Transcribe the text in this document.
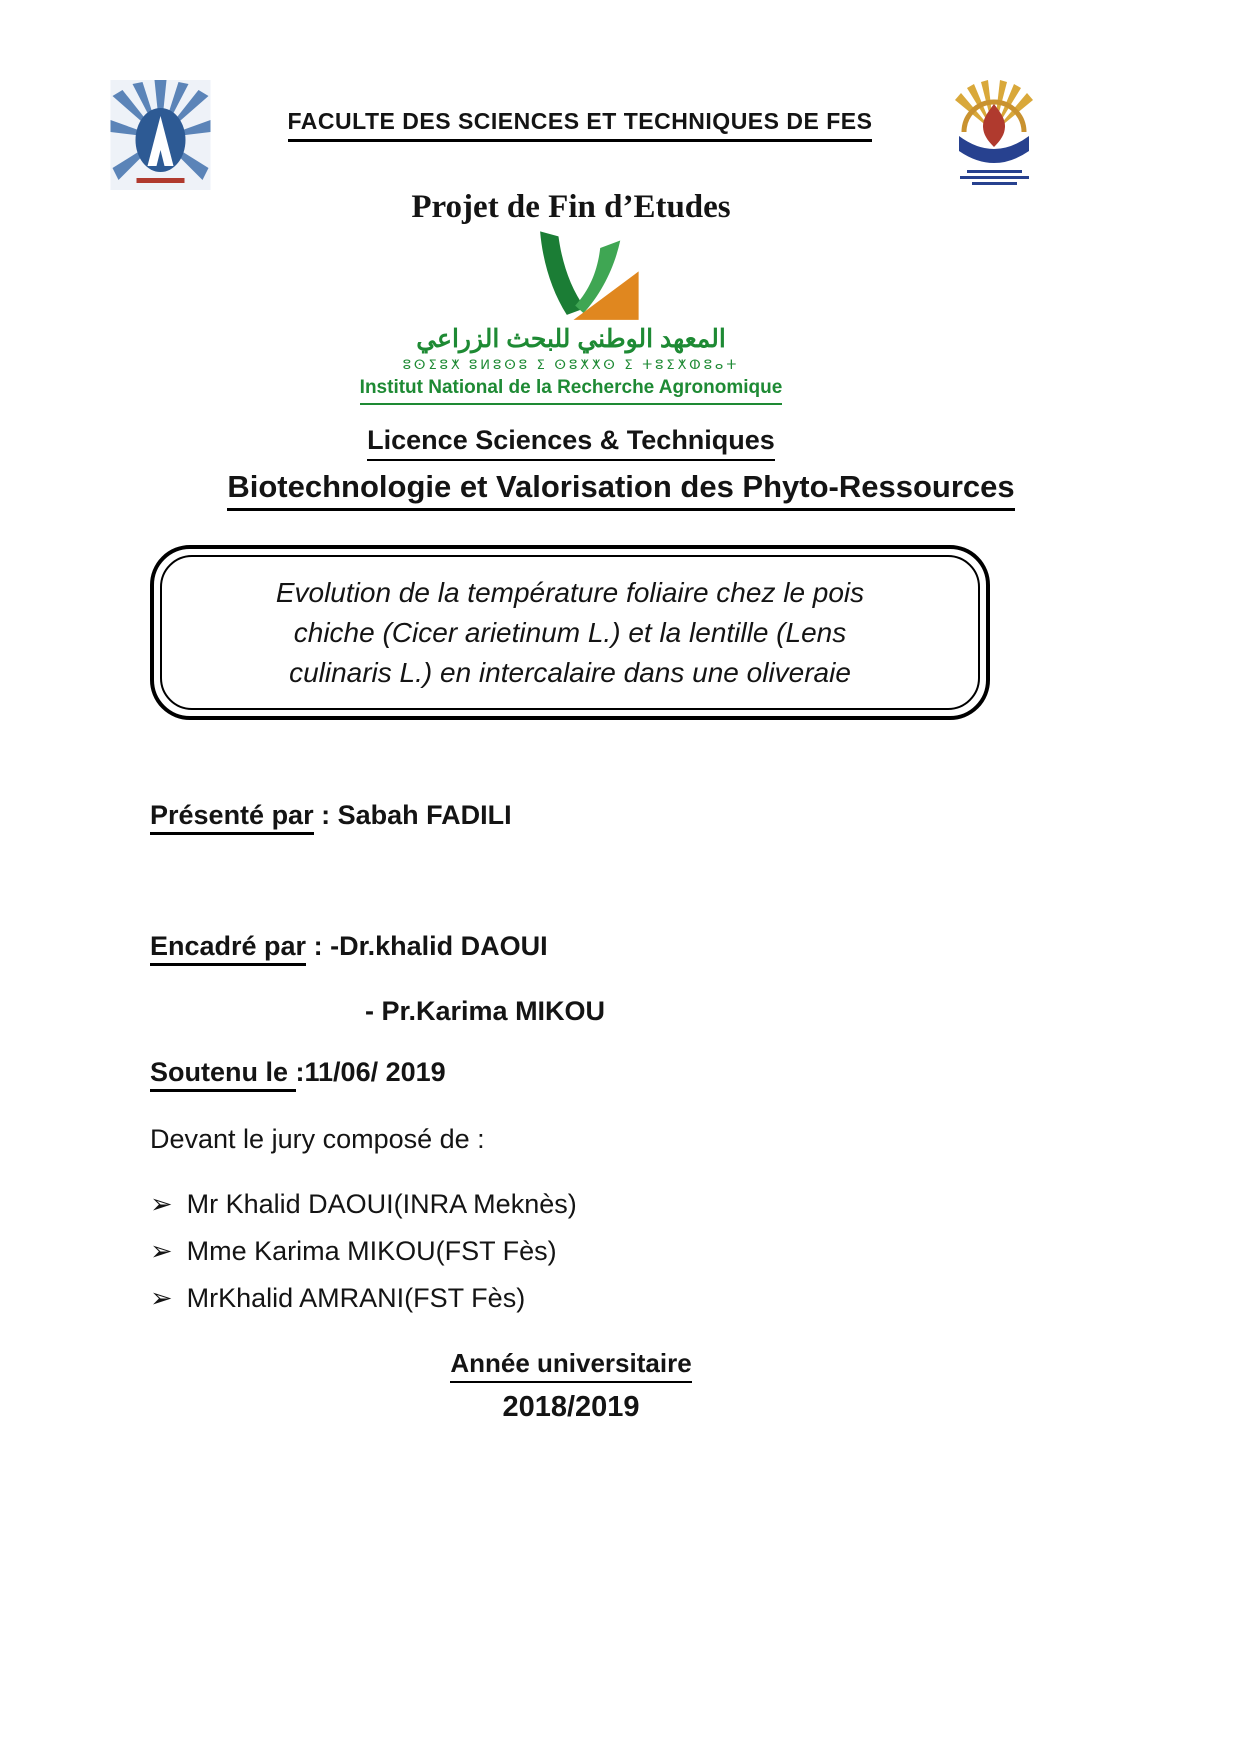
FACULTE DES SCIENCES ET TECHNIQUES DE FES
Projet de Fin d’Etudes
المعهد الوطني للبحث الزراعي
ⵓⵙⵉⵓⵅ ⵓⵍⵓⵙⵓ ⵉ ⵙⵓⵅⵅⵙ ⵉ ⵜⵓⵉⵅⵀⵓⴰⵜ
Institut National de la Recherche Agronomique
Licence Sciences & Techniques
Biotechnologie et Valorisation des Phyto-Ressources
Evolution de la température foliaire chez le pois
chiche (Cicer arietinum L.) et la lentille (Lens
culinaris L.) en intercalaire dans une oliveraie
Présenté par : Sabah FADILI
Encadré par : -Dr.khalid DAOUI
- Pr.Karima MIKOU
Soutenu le :11/06/ 2019
Devant le jury composé de :
➢ Mr Khalid DAOUI(INRA Meknès)
➢ Mme Karima MIKOU(FST Fès)
➢ MrKhalid AMRANI(FST Fès)
Année universitaire
2018/2019
